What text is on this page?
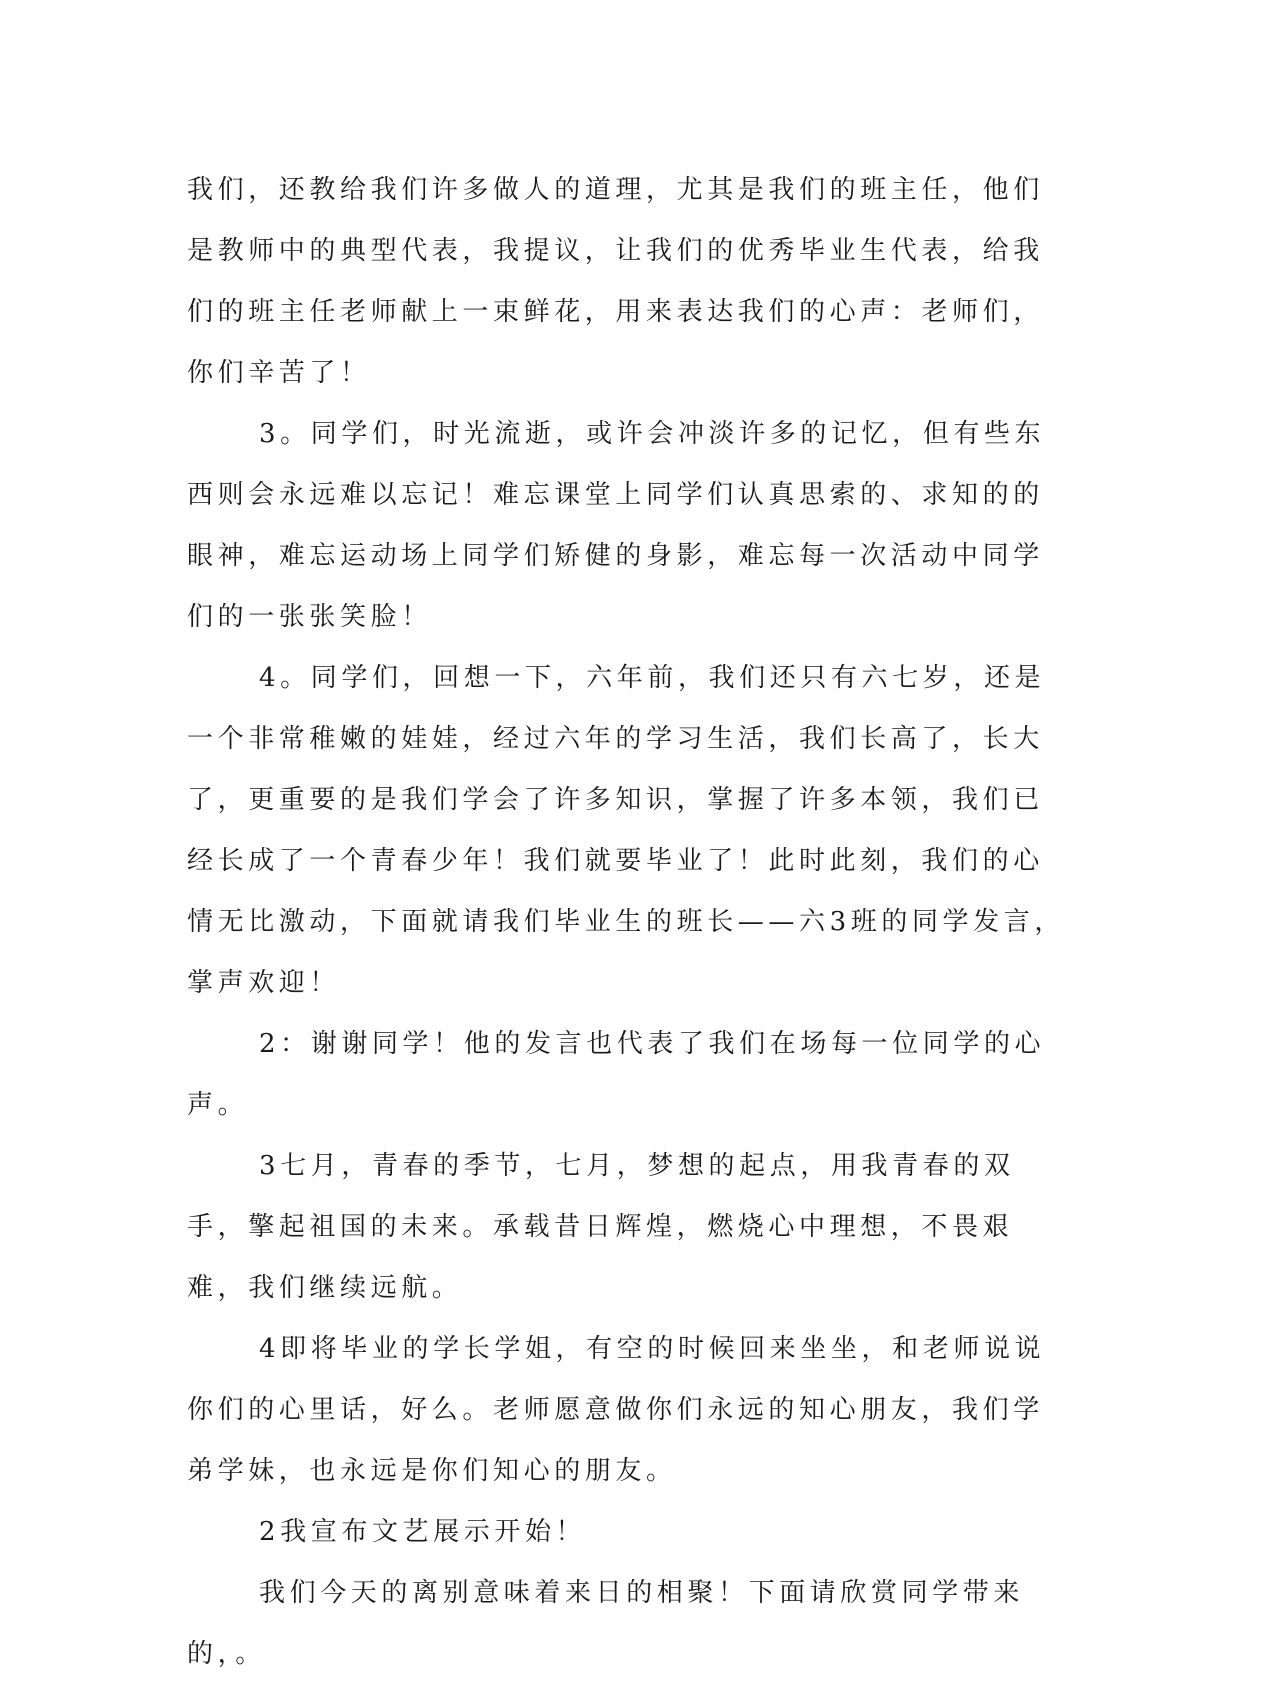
我们，还教给我们许多做人的道理，尤其是我们的班主任，他们是教师中的典型代表，我提议，让我们的优秀毕业生代表，给我们的班主任老师献上一束鲜花，用来表达我们的心声：老师们，你们辛苦了！

3。同学们，时光流逝，或许会冲淡许多的记忆，但有些东西则会永远难以忘记！难忘课堂上同学们认真思索的、求知的的眼神，难忘运动场上同学们矫健的身影，难忘每一次活动中同学们的一张张笑脸！

4。同学们，回想一下，六年前，我们还只有六七岁，还是一个非常稚嫩的娃娃，经过六年的学习生活，我们长高了，长大了，更重要的是我们学会了许多知识，掌握了许多本领，我们已经长成了一个青春少年！我们就要毕业了！此时此刻，我们的心情无比激动，下面就请我们毕业生的班长——六3班的同学发言，掌声欢迎！

2：谢谢同学！他的发言也代表了我们在场每一位同学的心声。

3七月，青春的季节，七月，梦想的起点，用我青春的双手，擎起祖国的未来。承载昔日辉煌，燃烧心中理想，不畏艰难，我们继续远航。

4即将毕业的学长学姐，有空的时候回来坐坐，和老师说说你们的心里话，好么。老师愿意做你们永远的知心朋友，我们学弟学妹，也永远是你们知心的朋友。

2我宣布文艺展示开始！

我们今天的离别意味着来日的相聚！下面请欣赏同学带来的，。
